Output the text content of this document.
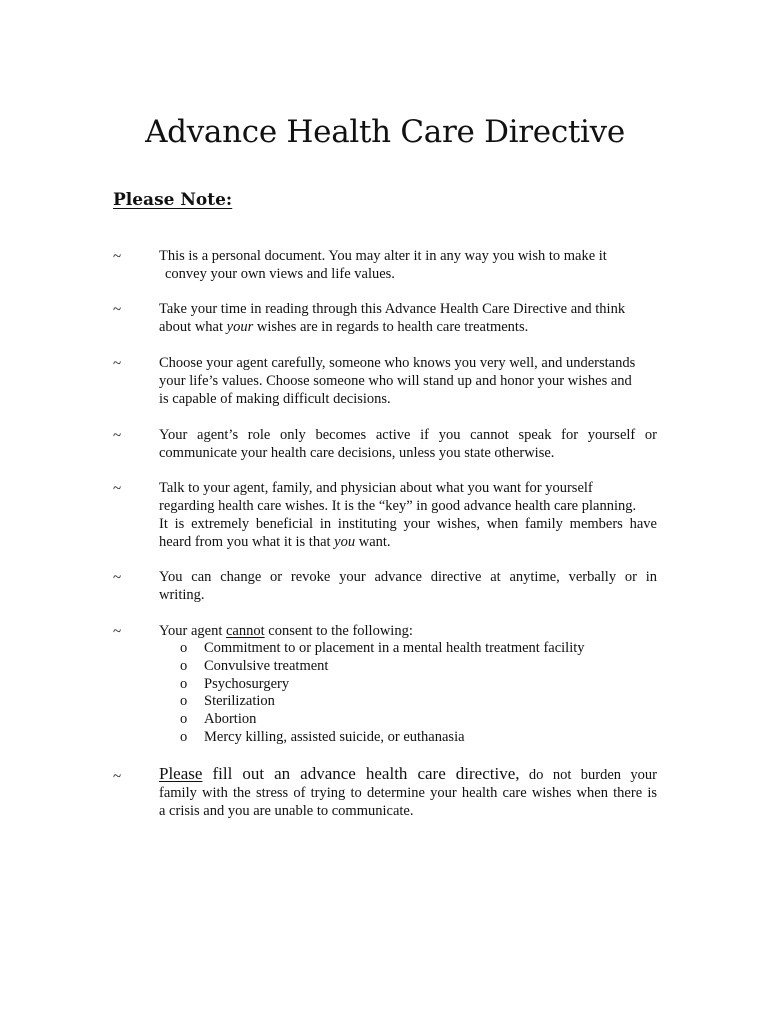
Advance Health Care Directive
Please Note:
~	This is a personal document. You may alter it in any way you wish to make it
convey your own views and life values.

~	Take your time in reading through this Advance Health Care Directive and think
about what your wishes are in regards to health care treatments.

~	Choose your agent carefully, someone who knows you very well, and understands
your life’s values. Choose someone who will stand up and honor your wishes and
is capable of making difficult decisions.

~	Your agent’s role only becomes active if you cannot speak for yourself or
communicate your health care decisions, unless you state otherwise.

~	Talk to your agent, family, and physician about what you want for yourself
regarding health care wishes. It is the “key” in good advance health care planning.
It is extremely beneficial in instituting your wishes, when family members have
heard from you what it is that you want.

~	You can change or revoke your advance directive at anytime, verbally or in
writing.

~	Your agent cannot consent to the following:

o	Commitment to or placement in a mental health treatment facility
o	Convulsive treatment
o	Psychosurgery
o	Sterilization
o	Abortion
o	Mercy killing, assisted suicide, or euthanasia
~ Please fill out an advance health care directive, do not burden your
family with the stress of trying to determine your health care wishes when there is
a crisis and you are unable to communicate.
